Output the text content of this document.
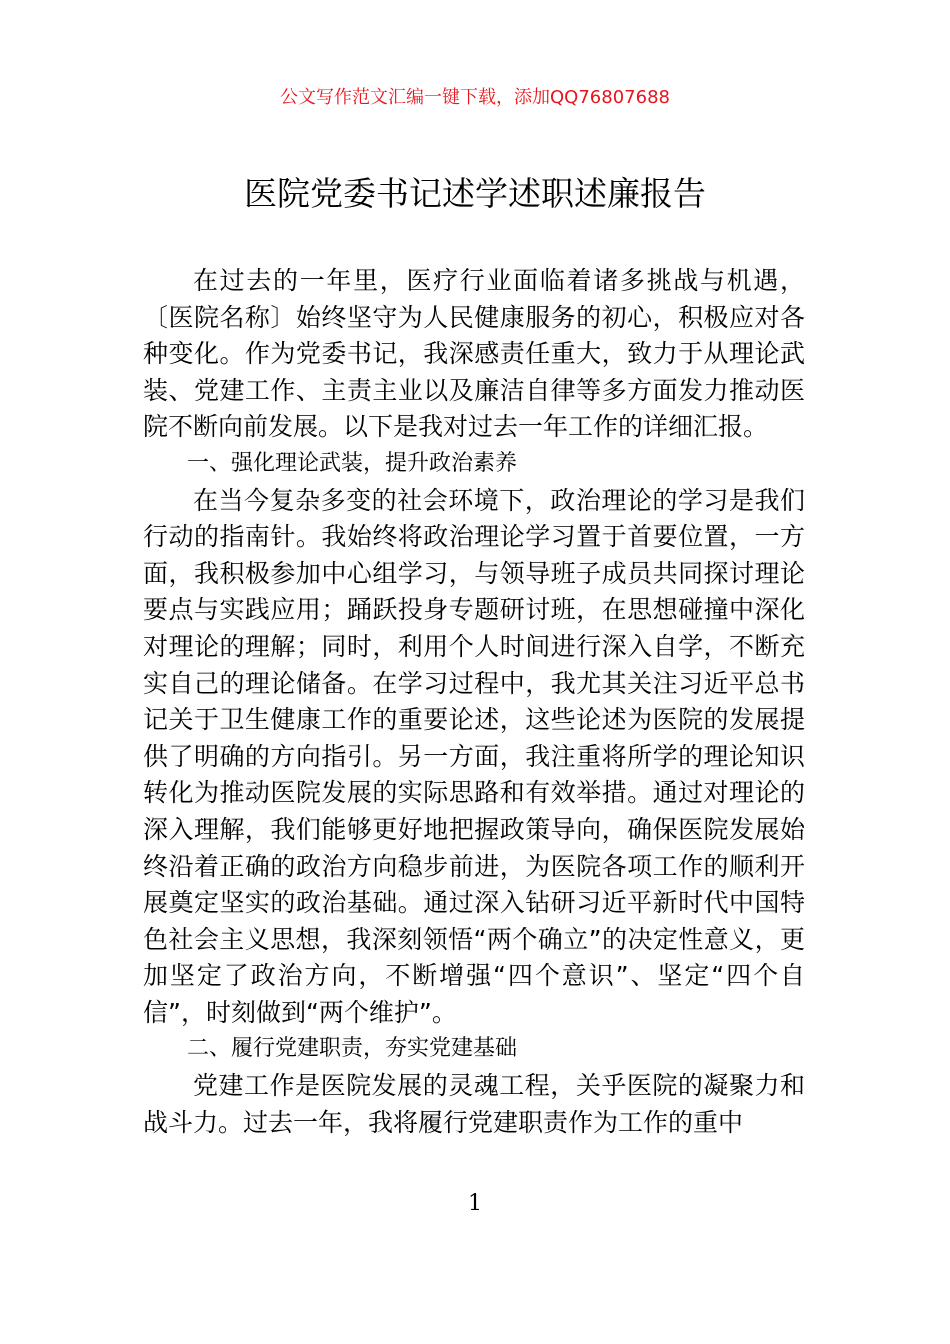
公文写作范文汇编一键下载，添加QQ76807688
医院党委书记述学述职述廉报告

在过去的一年里，医疗行业面临着诸多挑战与机遇，〔医院名称〕始终坚守为人民健康服务的初心，积极应对各种变化。作为党委书记，我深感责任重大，致力于从理论武装、党建工作、主责主业以及廉洁自律等多方面发力推动医院不断向前发展。以下是我对过去一年工作的详细汇报。

一、强化理论武装，提升政治素养

在当今复杂多变的社会环境下，政治理论的学习是我们行动的指南针。我始终将政治理论学习置于首要位置，一方面，我积极参加中心组学习，与领导班子成员共同探讨理论要点与实践应用；踊跃投身专题研讨班，在思想碰撞中深化对理论的理解；同时，利用个人时间进行深入自学，不断充实自己的理论储备。在学习过程中，我尤其关注习近平总书记关于卫生健康工作的重要论述，这些论述为医院的发展提供了明确的方向指引。另一方面，我注重将所学的理论知识转化为推动医院发展的实际思路和有效举措。通过对理论的深入理解，我们能够更好地把握政策导向，确保医院发展始终沿着正确的政治方向稳步前进，为医院各项工作的顺利开展奠定坚实的政治基础。通过深入钻研习近平新时代中国特色社会主义思想，我深刻领悟“两个确立”的决定性意义，更加坚定了政治方向，不断增强“四个意识”、坚定“四个自信”，时刻做到“两个维护”。

二、履行党建职责，夯实党建基础

党建工作是医院发展的灵魂工程，关乎医院的凝聚力和战斗力。过去一年，我将履行党建职责作为工作的重中

1
